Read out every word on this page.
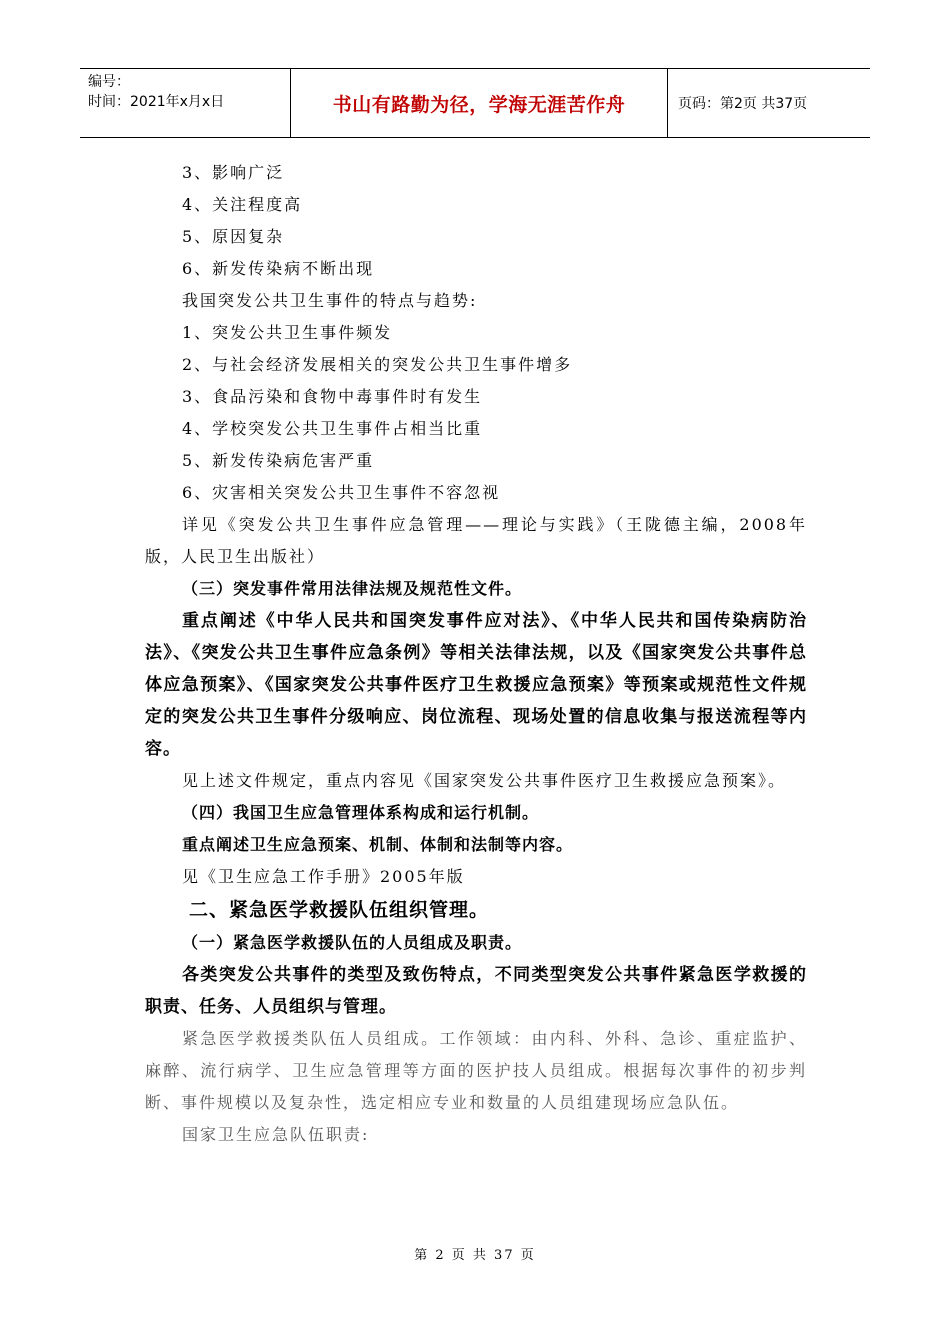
编号：
时间：2021年x月x日	书山有路勤为径，学海无涯苦作舟	页码：第2页 共37页
3、影响广泛
4、关注程度高
5、原因复杂
6、新发传染病不断出现
我国突发公共卫生事件的特点与趋势:
1、突发公共卫生事件频发
2、与社会经济发展相关的突发公共卫生事件增多
3、食品污染和食物中毒事件时有发生
4、学校突发公共卫生事件占相当比重
5、新发传染病危害严重
6、灾害相关突发公共卫生事件不容忽视

详见《突发公共卫生事件应急管理——理论与实践》（王陇德主编，2008年版，人民卫生出版社）

（三）突发事件常用法律法规及规范性文件。

重点阐述《中华人民共和国突发事件应对法》、《中华人民共和国传染病防治法》、《突发公共卫生事件应急条例》等相关法律法规，以及《国家突发公共事件总体应急预案》、《国家突发公共事件医疗卫生救援应急预案》等预案或规范性文件规定的突发公共卫生事件分级响应、岗位流程、现场处置的信息收集与报送流程等内容。

见上述文件规定，重点内容见《国家突发公共事件医疗卫生救援应急预案》。

（四）我国卫生应急管理体系构成和运行机制。
重点阐述卫生应急预案、机制、体制和法制等内容。
见《卫生应急工作手册》2005年版
二、紧急医学救援队伍组织管理。
（一）紧急医学救援队伍的人员组成及职责。

各类突发公共事件的类型及致伤特点，不同类型突发公共事件紧急医学救援的职责、任务、人员组织与管理。

紧急医学救援类队伍人员组成。工作领域：由内科、外科、急诊、重症监护、麻醉、流行病学、卫生应急管理等方面的医护技人员组成。根据每次事件的初步判断、事件规模以及复杂性，选定相应专业和数量的人员组建现场应急队伍。

国家卫生应急队伍职责:
第 2 页 共 37 页
